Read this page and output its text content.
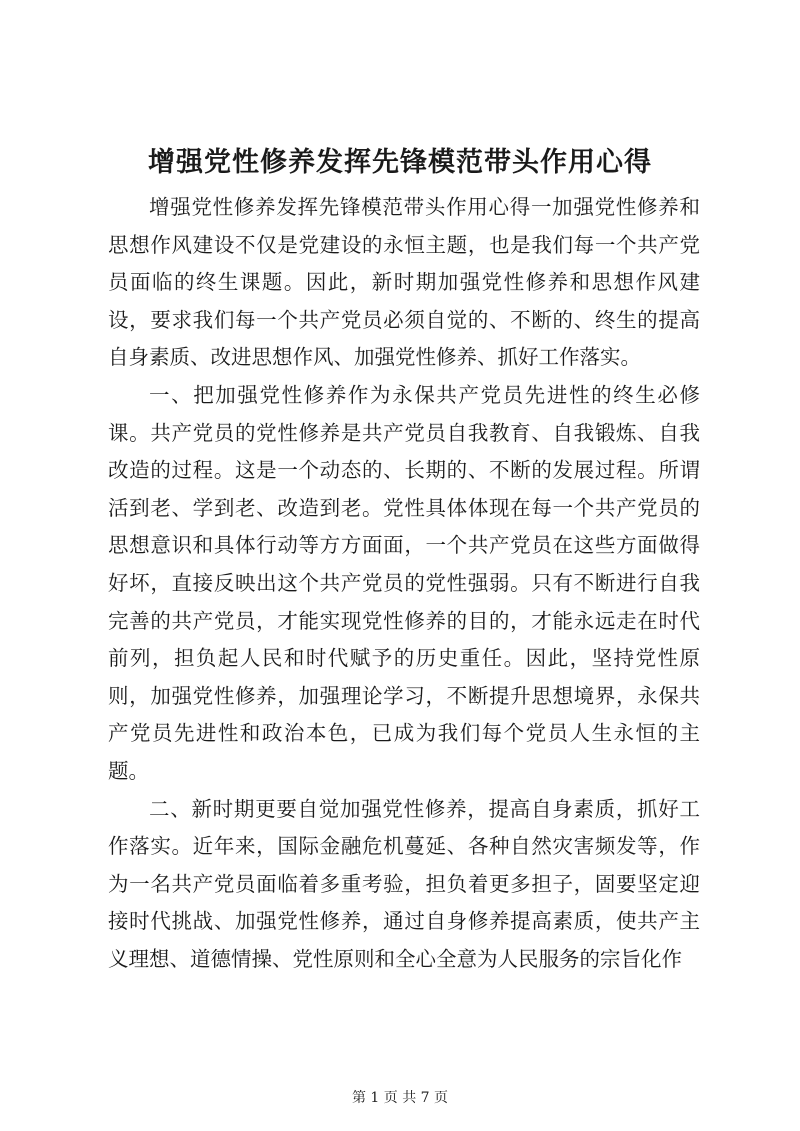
增强党性修养发挥先锋模范带头作用心得

增强党性修养发挥先锋模范带头作用心得一加强党性修养和思想作风建设不仅是党建设的永恒主题，也是我们每一个共产党员面临的终生课题。因此，新时期加强党性修养和思想作风建设，要求我们每一个共产党员必须自觉的、不断的、终生的提高自身素质、改进思想作风、加强党性修养、抓好工作落实。

一、把加强党性修养作为永保共产党员先进性的终生必修课。共产党员的党性修养是共产党员自我教育、自我锻炼、自我改造的过程。这是一个动态的、长期的、不断的发展过程。所谓活到老、学到老、改造到老。党性具体体现在每一个共产党员的思想意识和具体行动等方方面面，一个共产党员在这些方面做得好坏，直接反映出这个共产党员的党性强弱。只有不断进行自我完善的共产党员，才能实现党性修养的目的，才能永远走在时代前列，担负起人民和时代赋予的历史重任。因此，坚持党性原则，加强党性修养，加强理论学习，不断提升思想境界，永保共产党员先进性和政治本色，已成为我们每个党员人生永恒的主题。

二、新时期更要自觉加强党性修养，提高自身素质，抓好工作落实。近年来，国际金融危机蔓延、各种自然灾害频发等，作为一名共产党员面临着多重考验，担负着更多担子，固要坚定迎接时代挑战、加强党性修养，通过自身修养提高素质，使共产主义理想、道德情操、党性原则和全心全意为人民服务的宗旨化作

第 1 页 共 7 页
